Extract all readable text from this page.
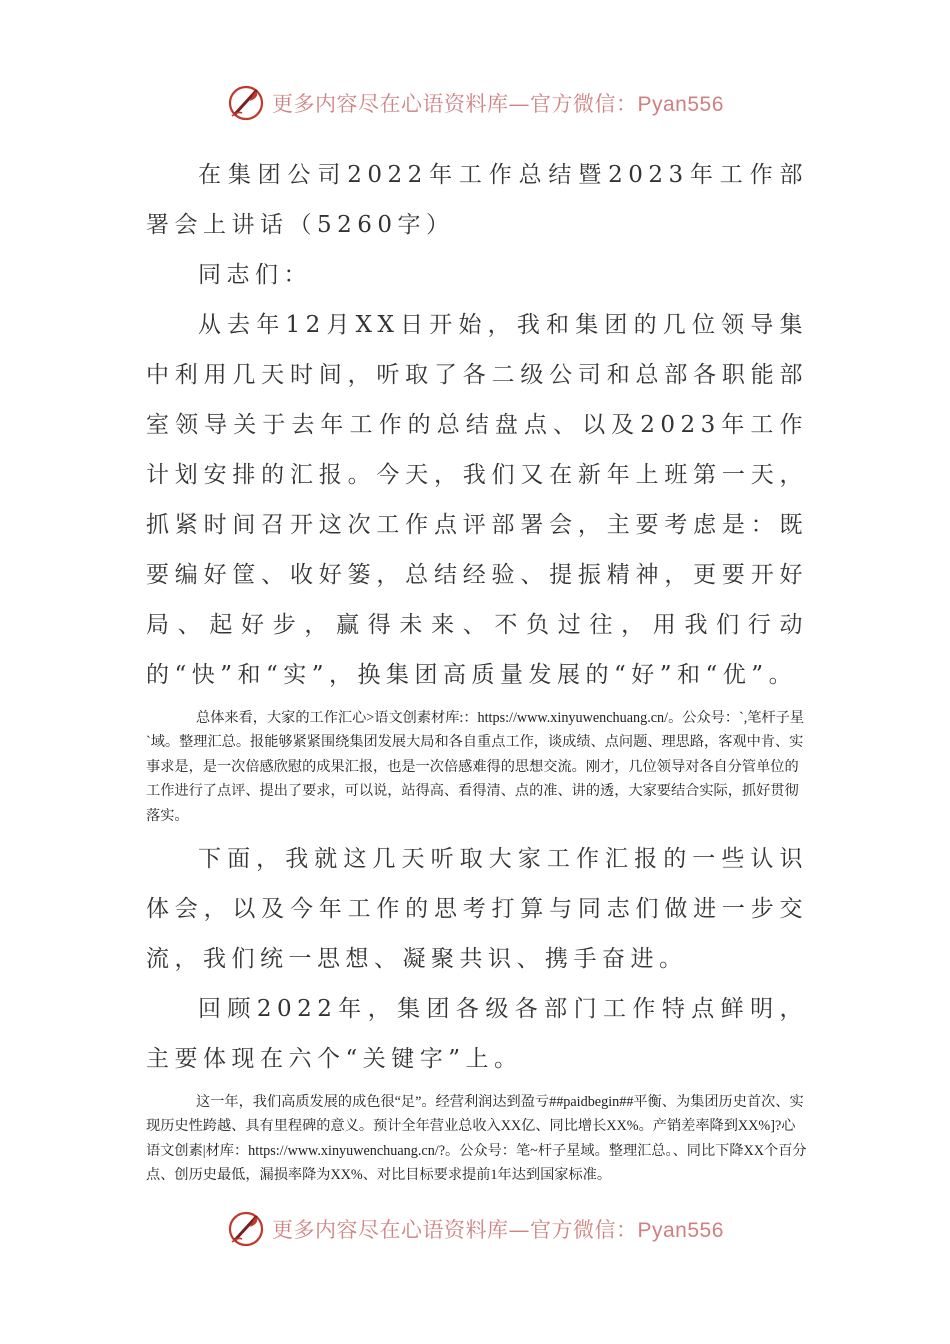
更多内容尽在心语资料库—官方微信：Pyan556

在集团公司2022年工作总结暨2023年工作部署会上讲话（5260字）

同志们：

从去年12月XX日开始，我和集团的几位领导集中利用几天时间，听取了各二级公司和总部各职能部室领导关于去年工作的总结盘点、以及2023年工作计划安排的汇报。今天，我们又在新年上班第一天，抓紧时间召开这次工作点评部署会，主要考虑是：既要编好筐、收好篓，总结经验、提振精神，更要开好局、起好步，赢得未来、不负过往，用我们行动的“快”和“实”，换集团高质量发展的“好”和“优”。

总体来看，大家的工作汇心>语文创素材库:：https://www.xinyuwenchuang.cn/。公众号：`,笔杆子星`域。整理汇总。报能够紧紧围绕集团发展大局和各自重点工作，谈成绩、点问题、理思路，客观中肯、实事求是，是一次倍感欣慰的成果汇报，也是一次倍感难得的思想交流。刚才，几位领导对各自分管单位的工作进行了点评、提出了要求，可以说，站得高、看得清、点的准、讲的透，大家要结合实际，抓好贯彻落实。

下面，我就这几天听取大家工作汇报的一些认识体会，以及今年工作的思考打算与同志们做进一步交流，我们统一思想、凝聚共识、携手奋进。

回顾2022年，集团各级各部门工作特点鲜明，主要体现在六个“关键字”上。

这一年，我们高质发展的成色很“足”。经营利润达到盈亏##paidbegin##平衡、为集团历史首次、实现历史性跨越、具有里程碑的意义。预计全年营业总收入XX亿、同比增长XX%。产销差率降到XX%]?心语文创素|材库：https://www.xinyuwenchuang.cn/?。公众号：笔~杆子星域。整理汇总。、同比下降XX个百分点、创历史最低，漏损率降为XX%、对比目标要求提前1年达到国家标准。

更多内容尽在心语资料库—官方微信：Pyan556
